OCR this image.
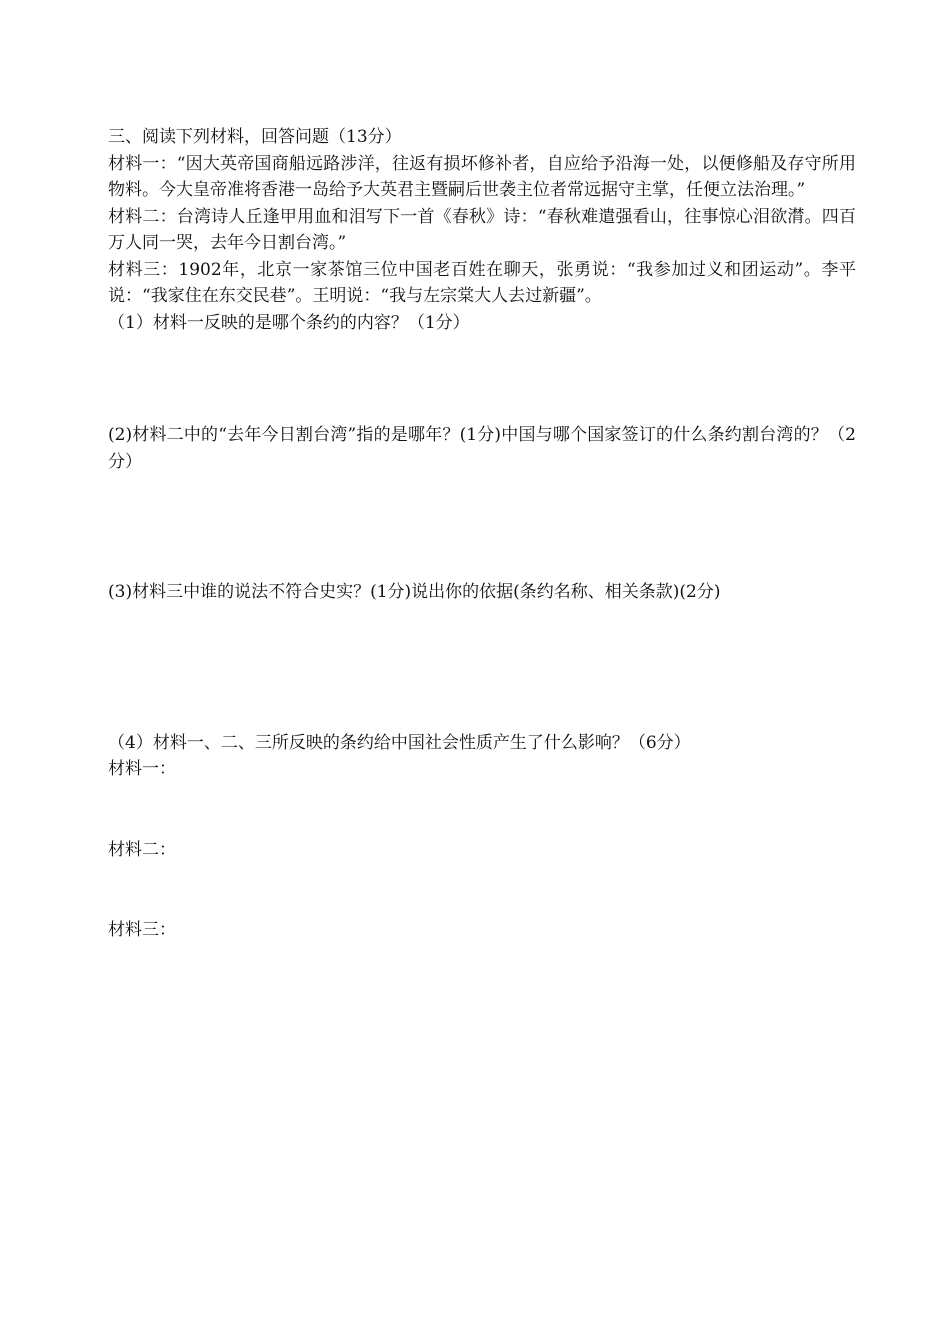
三、阅读下列材料，回答问题（13分）

材料一：“因大英帝国商船远路涉洋，往返有损坏修补者，自应给予沿海一处，以便修船及存守所用物料。今大皇帝准将香港一岛给予大英君主暨嗣后世袭主位者常远据守主掌，任便立法治理。”

材料二：台湾诗人丘逢甲用血和泪写下一首《春秋》诗：“春秋难遣强看山，往事惊心泪欲潸。四百万人同一哭，去年今日割台湾。”

材料三：1902年，北京一家茶馆三位中国老百姓在聊天，张勇说：“我参加过义和团运动”。李平说：“我家住在东交民巷”。王明说：“我与左宗棠大人去过新疆”。

（1）材料一反映的是哪个条约的内容？（1分）

(2)材料二中的“去年今日割台湾”指的是哪年？(1分)中国与哪个国家签订的什么条约割台湾的？（2分）

(3)材料三中谁的说法不符合史实？(1分)说出你的依据(条约名称、相关条款)(2分)

（4）材料一、二、三所反映的条约给中国社会性质产生了什么影响？（6分）

材料一：

材料二：

材料三：
